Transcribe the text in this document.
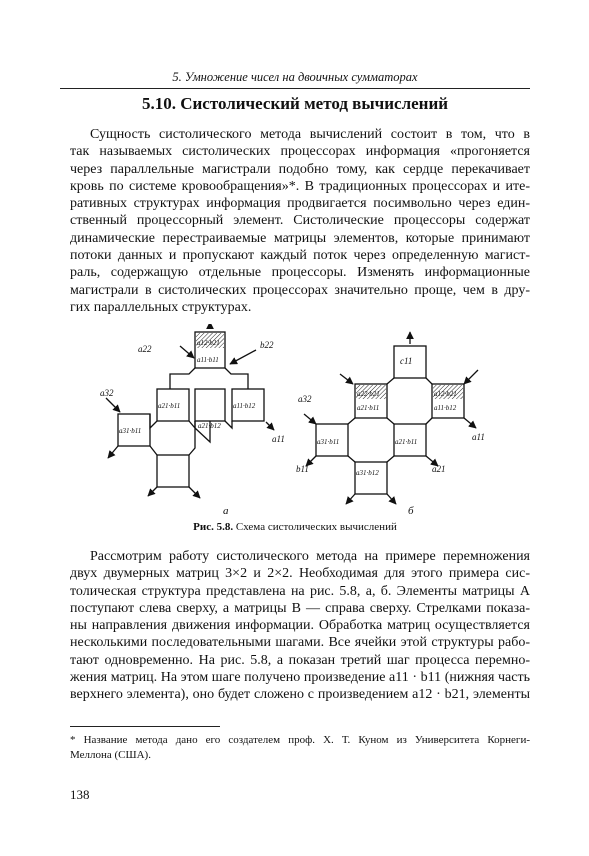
5. Умножение чисел на двоичных сумматорах
5.10. Систолический метод вычислений
Сущность систолического метода вычислений состоит в том, что в
так называемых систолических процессорах информация «прогоняется
через параллельные магистрали подобно тому, как сердце перекачивает
кровь по системе кровообращения»*. В традиционных процессорах и ите-
ративных структурах информация продвигается посимвольно через един-
ственный процессорный элемент. Систолические процессоры содержат
динамические перестраиваемые матрицы элементов, которые принимают
потоки данных и пропускают каждый поток через определенную магист-
раль, содержащую отдельные процессоры. Изменять информационные
магистрали в систолических процессорах значительно проще, чем в дру-
гих параллельных структурах.
a22	b22
a32
a11
a12·b21
a11·b11
a21·b11	a11·b12
a21·b12
a31·b11
а
c11
a32
b11
a11
a21
a22·b21
a21·b11
a12·b21
a11·b12
a31·b11	a21·b11
a31·b12
б
Рис. 5.8. Схема систолических вычислений
Рассмотрим работу систолического метода на примере перемножения
двух двумерных матриц 3×2 и 2×2. Необходимая для этого примера сис-
толическая структура представлена на рис. 5.8, а, б. Элементы матрицы A
поступают слева сверху, а матрицы B — справа сверху. Стрелками показа-
ны направления движения информации. Обработка матриц осуществляется
несколькими последовательными шагами. Все ячейки этой структуры рабо-
тают одновременно. На рис. 5.8, а показан третий шаг процесса перемно-
жения матриц. На этом шаге получено произведение a11 · b11 (нижняя часть
верхнего элемента), оно будет сложено с произведением a12 · b21, элементы
* Название метода дано его создателем проф. Х. Т. Куном из Университета Корнеги-
Меллона (США).
138
